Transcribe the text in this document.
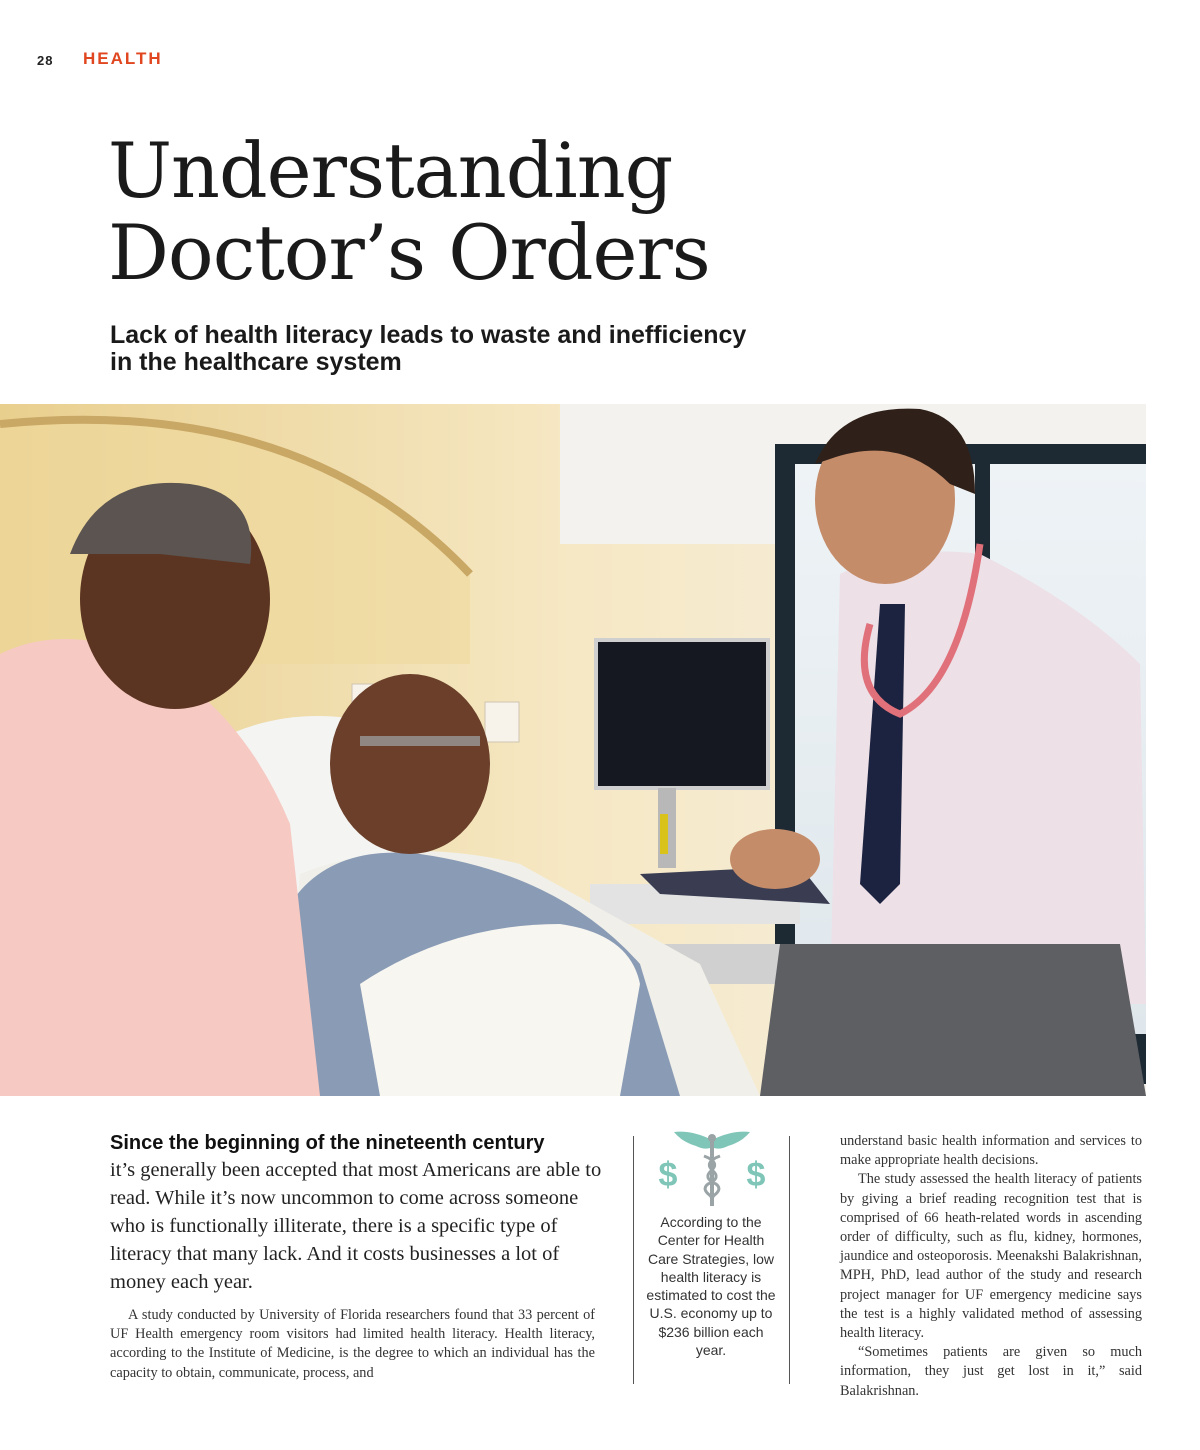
28 HEALTH
Understanding
Doctor’s Orders
Lack of health literacy leads to waste and inefficiency
in the healthcare system
Since the beginning of the nineteenth century

it’s generally been accepted that most Americans are able to read. While it’s now uncommon to come across someone who is functionally illiterate, there is a specific type of literacy that many lack. And it costs businesses a lot of money each year.

A study conducted by University of Florida researchers found that 33 percent of UF Health emergency room visitors had limited health literacy. Health literacy, according to the Institute of Medicine, is the degree to which an individual has the capacity to obtain, communicate, process, and

$ $

According to the Center for Health Care Strategies, low health literacy is estimated to cost the U.S. economy up to $236 billion each year.

understand basic health information and services to make appropriate health decisions.

The study assessed the health literacy of patients by giving a brief reading recognition test that is comprised of 66 heath-related words in ascending order of difficulty, such as flu, kidney, hormones, jaundice and osteoporosis. Meenakshi Balakrishnan, MPH, PhD, lead author of the study and research project manager for UF emergency medicine says the test is a highly validated method of assessing health literacy.

“Sometimes patients are given so much information, they just get lost in it,” said Balakrishnan.
